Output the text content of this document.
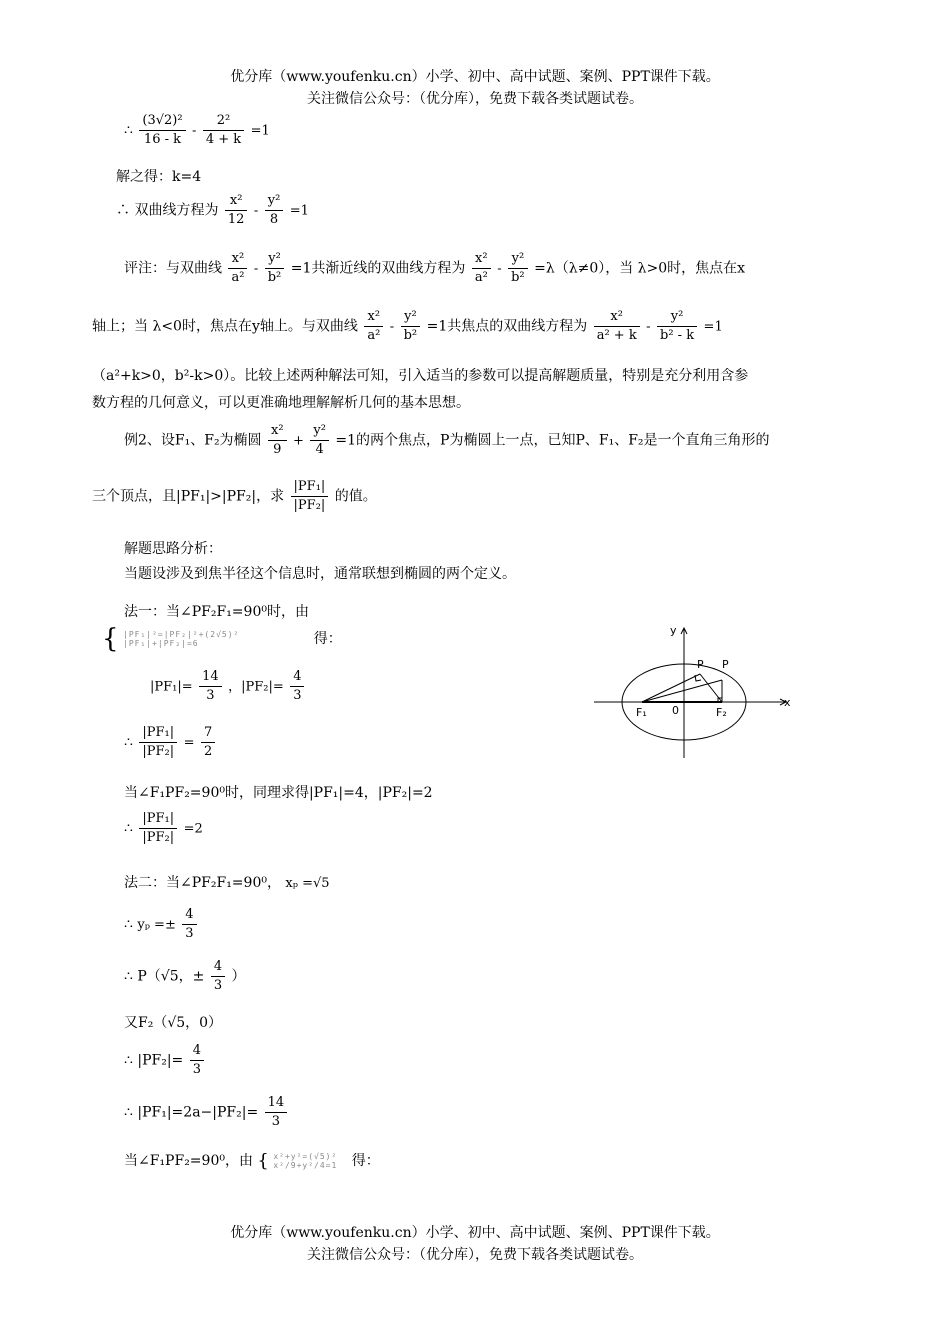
优分库（www.youfenku.cn）小学、初中、高中试题、案例、PPT课件下载。
关注微信公众号：（优分库），免费下载各类试题试卷。
∴ $\frac{\text{(3√2)²}}{16 - k} - \frac{\text{2²}}{4 + k} =1$
解之得：k=4
∴ 双曲线方程为 $\frac{\text{x²}}{12} - \frac{\text{y²}}{8} =1$
评注：与双曲线 $\frac{\text{x²}}{\text{a²}} - \frac{\text{y²}}{\text{b²}} =1$共渐近线的双曲线方程为 $\frac{\text{x²}}{\text{a²}} - \frac{\text{y²}}{\text{b²}} =\lambda(\lambda\ne 0)$，当 λ>0时，焦点在x
轴上；当 λ<0时，焦点在y轴上。与双曲线 $\frac{\text{x²}}{\text{a²}} - \frac{\text{y²}}{\text{b²}} =1$共焦点的双曲线方程为 $\frac{\text{x²}}{\text{a² + k}} - \frac{\text{y²}}{\text{b² - k}} =1$
（a²+k>0，b²-k>0）。比较上述两种解法可知，引入适当的参数可以提高解题质量，特别是充分利用含参
数方程的几何意义，可以更准确地理解解析几何的基本思想。
例2、设F₁、F₂为椭圆 $\frac{\text{x²}}{9} + \frac{\text{y²}}{4} =1$的两个焦点，P为椭圆上一点，已知P、F₁、F₂是一个直角三角形的
三个顶点，且|PF₁|>|PF₂|，求 $\frac{\text{|PF₁|}}{\text{|PF₂|}}$ 的值。
解题思路分析：
当题设涉及到焦半径这个信息时，通常联想到椭圆的两个定义。
法一：当∠PF₂F₁=90⁰时，由
{ |PF₁|²=|PF₂|²+(2√5)²
|PF₁|+|PF₂|=6	得：
$|PF_1|= \frac{14}{3}$ ，$|PF_2|= \frac{4}{3}$
∴ $\frac{\text{|PF₁|}}{\text{|PF₂|}} = \frac{7}{2}$
当∠F₁PF₂=90⁰时，同理求得|PF₁|=4，|PF₂|=2
∴ $\frac{\text{|PF₁|}}{\text{|PF₂|}} =2$
法二：当∠PF₂F₁=90⁰， xₚ =√5
∴ $y_p =\pm \frac{4}{3}$
∴ P（√5，± $\frac{4}{3}$ ）
又F₂（√5，0）
∴ $|PF_2|= \frac{4}{3}$
∴ $|PF_1|=2a-|PF_2|= \frac{14}{3}$
当∠F₁PF₂=90⁰，由 { x²+y²=(√5)²
x²/9+y²/4=1 得：
y
x
P P
F₁ 0	F₂
优分库（www.youfenku.cn）小学、初中、高中试题、案例、PPT课件下载。
关注微信公众号：（优分库），免费下载各类试题试卷。
